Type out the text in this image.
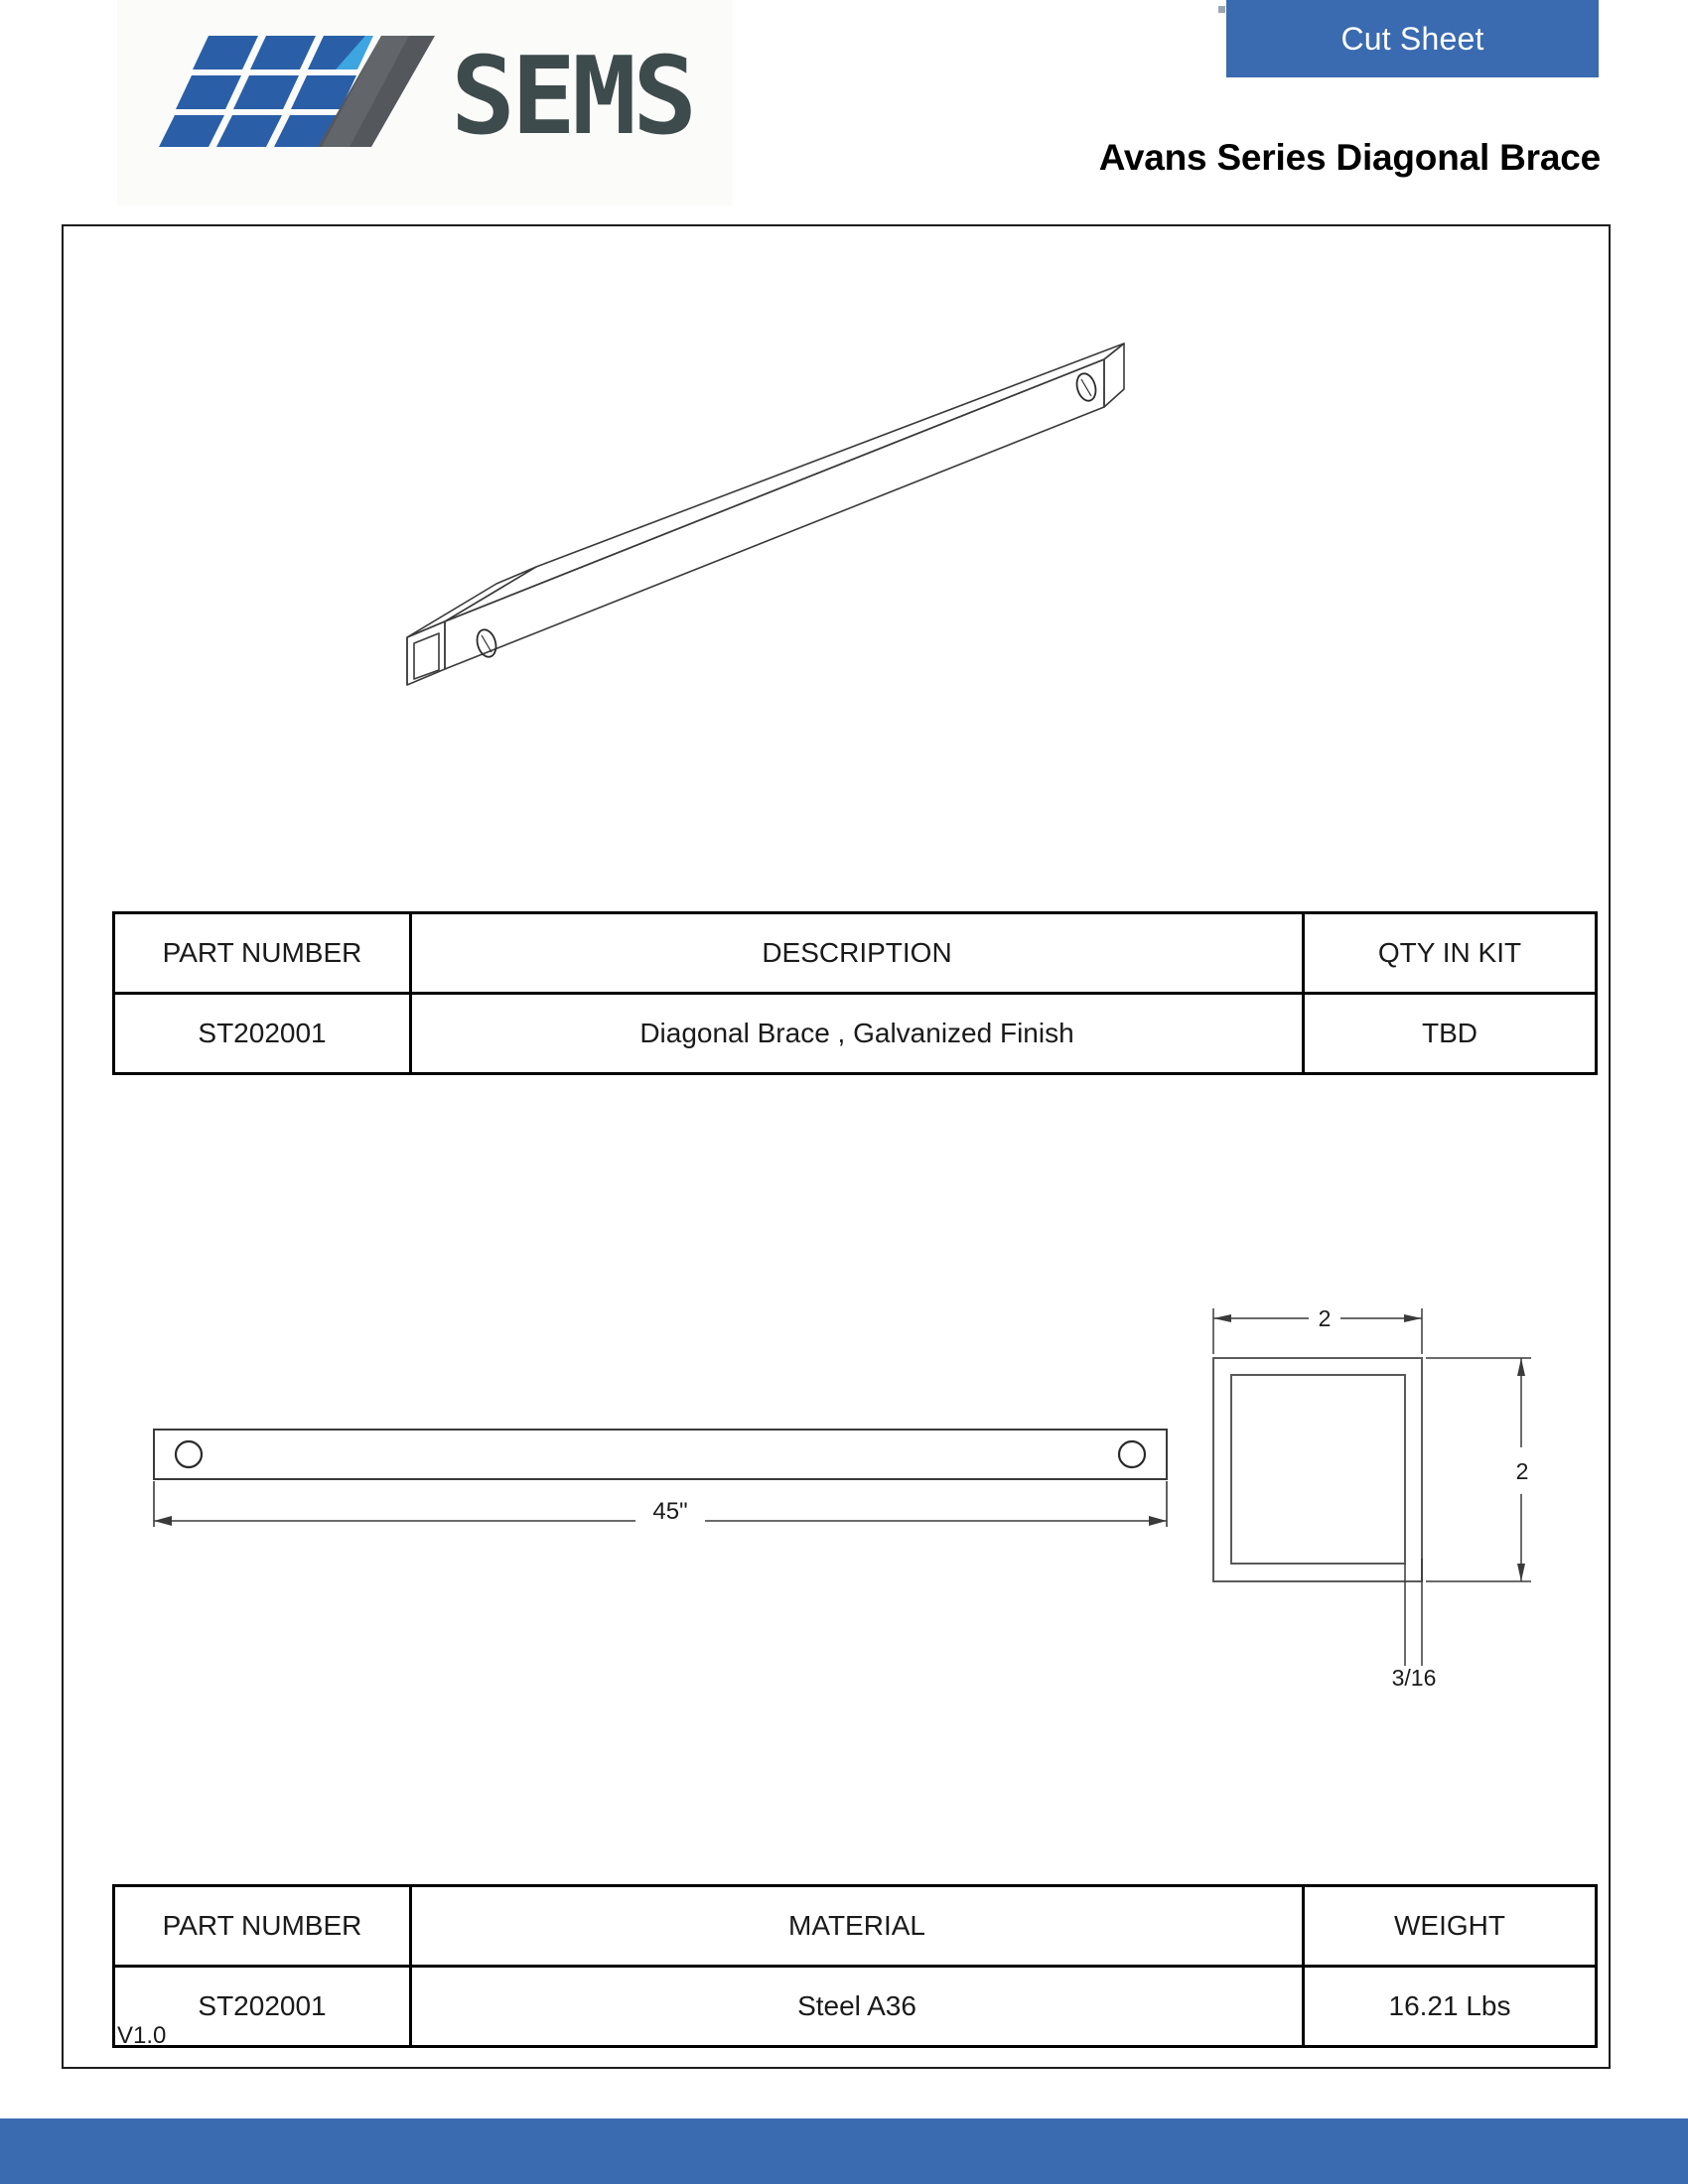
SEMS	Cut Sheet
Avans Series Diagonal Brace
PART NUMBER	DESCRIPTION	QTY IN KIT
ST202001	Diagonal Brace , Galvanized Finish	TBD
45"
2
2
3/16
PART NUMBER	MATERIAL	WEIGHT
ST202001	Steel A36	16.21 Lbs
V1.0
